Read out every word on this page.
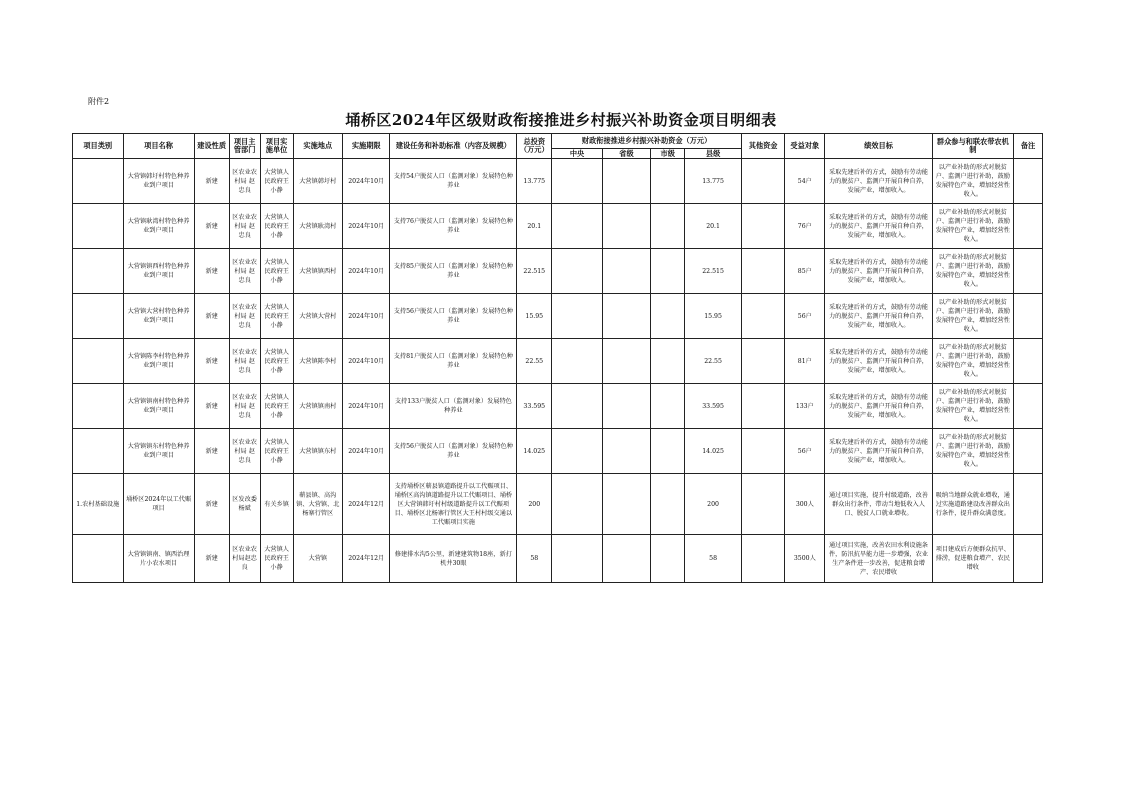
附件2
埇桥区2024年区级财政衔接推进乡村振兴补助资金项目明细表
项目类别	项目名称	建设性质	项目主管部门	项目实施单位	实施地点	实施期限	建设任务和补助标准（内容及规模）	总投资（万元）	财政衔接推进乡村振兴补助资金（万元）				其他资金	受益对象	绩效目标	群众参与和联农带农机制	备注
									中央	省级	市级	县级					
	大营镇韩圩村特色种养业到户项目	新建	区农业农村局 赵忠良	大营镇人民政府王小静	大营镇韩圩村	2024年10月	支持54户脱贫人口（监测对象）发展特色种养业	13.775				13.775		54户	采取先建后补的方式，鼓励有劳动能力的脱贫户、监测户开展自种自养，发展产业，增加收入。	以产业补助的形式对脱贫户、监测户进行补助，鼓励发展特色产业，增加经营性收入。	
	大营镇耿湾村特色种养业到户项目	新建	区农业农村局 赵忠良	大营镇人民政府王小静	大营镇耿湾村	2024年10月	支持76户脱贫人口（监测对象）发展特色种养业	20.1				20.1		76户	采取先建后补的方式，鼓励有劳动能力的脱贫户、监测户开展自种自养，发展产业，增加收入。	以产业补助的形式对脱贫户、监测户进行补助，鼓励发展特色产业，增加经营性收入。	
	大营镇镇西村特色种养业到户项目	新建	区农业农村局 赵忠良	大营镇人民政府王小静	大营镇镇西村	2024年10月	支持85户脱贫人口（监测对象）发展特色种养业	22.515				22.515		85户	采取先建后补的方式，鼓励有劳动能力的脱贫户、监测户开展自种自养，发展产业，增加收入。	以产业补助的形式对脱贫户、监测户进行补助，鼓励发展特色产业，增加经营性收入。	
	大营镇大营村特色种养业到户项目	新建	区农业农村局 赵忠良	大营镇人民政府王小静	大营镇大营村	2024年10月	支持56户脱贫人口（监测对象）发展特色种养业	15.95				15.95		56户	采取先建后补的方式，鼓励有劳动能力的脱贫户、监测户开展自种自养，发展产业，增加收入。	以产业补助的形式对脱贫户、监测户进行补助，鼓励发展特色产业，增加经营性收入。	
	大营镇陈李村特色种养业到户项目	新建	区农业农村局 赵忠良	大营镇人民政府王小静	大营镇陈李村	2024年10月	支持81户脱贫人口（监测对象）发展特色种养业	22.55				22.55		81户	采取先建后补的方式，鼓励有劳动能力的脱贫户、监测户开展自种自养，发展产业，增加收入。	以产业补助的形式对脱贫户、监测户进行补助，鼓励发展特色产业，增加经营性收入。	
	大营镇镇南村特色种养业到户项目	新建	区农业农村局 赵忠良	大营镇人民政府王小静	大营镇镇南村	2024年10月	支持133户脱贫人口（监测对象）发展特色种养业	33.595				33.595		133户	采取先建后补的方式，鼓励有劳动能力的脱贫户、监测户开展自种自养，发展产业，增加收入。	以产业补助的形式对脱贫户、监测户进行补助，鼓励发展特色产业，增加经营性收入。	
	大营镇镇东村特色种养业到户项目	新建	区农业农村局 赵忠良	大营镇人民政府王小静	大营镇镇东村	2024年10月	支持56户脱贫人口（监测对象）发展特色种养业	14.025				14.025		56户	采取先建后补的方式，鼓励有劳动能力的脱贫户、监测户开展自种自养，发展产业，增加收入。	以产业补助的形式对脱贫户、监测户进行补助，鼓励发展特色产业，增加经营性收入。	
1.农村基础设施	埇桥区2024年以工代赈项目	新建	区发改委杨斌	有关乡镇	蕲县镇、高沟镇、大营镇、北杨寨行管区	2024年12月	支持埇桥区蕲县镇道路提升以工代赈项目、埇桥区高沟镇道路提升以工代赈项目、埇桥区大营镇韩圩村村级道路提升以工代赈项目、埇桥区北杨寨行管区大王村村级交通以工代赈项目实施	200				200		300人	通过项目实施，提升村级道路，改善群众出行条件，带动当地低收入人口、脱贫人口就业增收。	吸纳当地群众就业增收，通过实施道路建设改善群众出行条件，提升群众满意度。	
	大营镇镇南、镇西治理片小农水项目	新建	区农业农村局赵忠良	大营镇人民政府王小静	大营镇	2024年12月	修建排水沟5公里，新建建筑物18座，新打机井30眼	58				58		3500人	通过项目实施，改善农田水利设施条件，防汛抗旱能力进一步增强，农业生产条件进一步改善，促进粮食增产、农民增收	项目建成后方便群众抗旱、排涝，促进粮食增产、农民增收	
